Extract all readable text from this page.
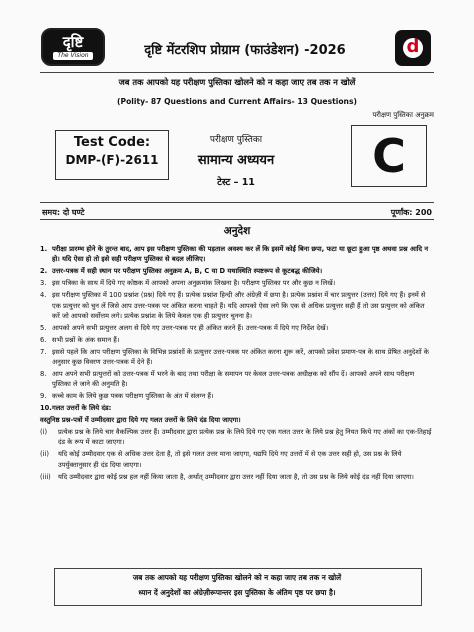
दृष्टि
The Vision	दृष्टि मेंटरशिप प्रोग्राम (फाउंडेशन) -2026	d
जब तक आपको यह परीक्षण पुस्तिका खोलने को न कहा जाए तब तक न खोलें
(Polity- 87 Questions and Current Affairs- 13 Questions)
परीक्षण पुस्तिका अनुक्रम
Test Code:
DMP-(F)-2611
परीक्षण पुस्तिका
सामान्य अध्ययन
टेस्ट – 11	C
समय: दो घण्टे	पूर्णांक: 200
अनुदेश
1. परीक्षा प्रारम्भ होने के तुरन्त बाद, आप इस परीक्षण पुस्तिका की पड़ताल अवश्य कर लें कि इसमें कोई बिना छपा, फटा या छूटा हुआ पृष्ठ अथवा प्रश्न आदि न हो। यदि ऐसा हो तो इसे सही परीक्षण पुस्तिका से बदल लीजिए।
2. उत्तर-पत्रक में सही स्थान पर परीक्षण पुस्तिका अनुक्रम A, B, C या D यथास्थिति स्पष्टरूप से कूटबद्ध कीजिये।
3. इस पत्रिका के साथ में दिये गए कोष्ठक में आपको अपना अनुक्रमांक लिखना है। परीक्षण पुस्तिका पर और कुछ न लिखें।
4. इस परीक्षण पुस्तिका में 100 प्रश्नांश (प्रश्न) दिये गए हैं। प्रत्येक प्रश्नांश हिन्दी और अंग्रेज़ी में छपा है। प्रत्येक प्रश्नांश में चार प्रत्युत्तर (उत्तर) दिये गए हैं। इनमें से एक प्रत्युत्तर को चुन लें जिसे आप उत्तर-पत्रक पर अंकित करना चाहते हैं। यदि आपको ऐसा लगे कि एक से अधिक प्रत्युत्तर सही हैं तो उस प्रत्युत्तर को अंकित करें जो आपको सर्वोत्तम लगे। प्रत्येक प्रश्नांश के लिये केवल एक ही प्रत्युत्तर चुनना है।
5. आपको अपने सभी प्रत्युत्तर अलग से दिये गए उत्तर-पत्रक पर ही अंकित करने हैं। उत्तर-पत्रक में दिये गए निर्देश देखें।
6. सभी प्रश्नों के अंक समान हैं।
7. इससे पहले कि आप परीक्षण पुस्तिका के विभिन्न प्रश्नांशों के प्रत्युत्तर उत्तर-पत्रक पर अंकित करना शुरू करें, आपको प्रवेश प्रमाण-पत्र के साथ प्रेषित अनुदेशों के अनुसार कुछ विवरण उत्तर-पत्रक में देने हैं।
8. आप अपने सभी प्रत्युत्तरों को उत्तर-पत्रक में भरने के बाद तथा परीक्षा के समापन पर केवल उत्तर-पत्रक अधीक्षक को सौंप दें। आपको अपने साथ परीक्षण पुस्तिका ले जाने की अनुमति है।
9. कच्चे काम के लिये कुछ पत्रक परीक्षण पुस्तिका के अंत में संलग्न हैं।
10. गलत उत्तरों के लिये दंड:
वस्तुनिष्ठ प्रश्न-पत्रों में उम्मीदवार द्वारा दिये गए गलत उत्तरों के लिये दंड दिया जाएगा।
(i)	प्रत्येक प्रश्न के लिये चार वैकल्पिक उत्तर हैं। उम्मीदवार द्वारा प्रत्येक प्रश्न के लिये दिये गए एक गलत उत्तर के लिये प्रश्न हेतु नियत किये गए अंकों का एक-तिहाई दंड के रूप में काटा जाएगा।
(ii)	यदि कोई उम्मीदवार एक से अधिक उत्तर देता है, तो इसे गलत उत्तर माना जाएगा, यद्यपि दिये गए उत्तरों में से एक उत्तर सही हो, उस प्रश्न के लिये उपर्युक्तानुसार ही दंड दिया जाएगा।
(iii)	यदि उम्मीदवार द्वारा कोई प्रश्न हल नहीं किया जाता है, अर्थात् उम्मीदवार द्वारा उत्तर नहीं दिया जाता है, तो उस प्रश्न के लिये कोई दंड नहीं दिया जाएगा।
जब तक आपको यह परीक्षण पुस्तिका खोलने को न कहा जाए तब तक न खोलें
ध्यान दें अनुदेशों का अंग्रेज़ीरूपान्तर इस पुस्तिका के अंतिम पृष्ठ पर छपा है।
